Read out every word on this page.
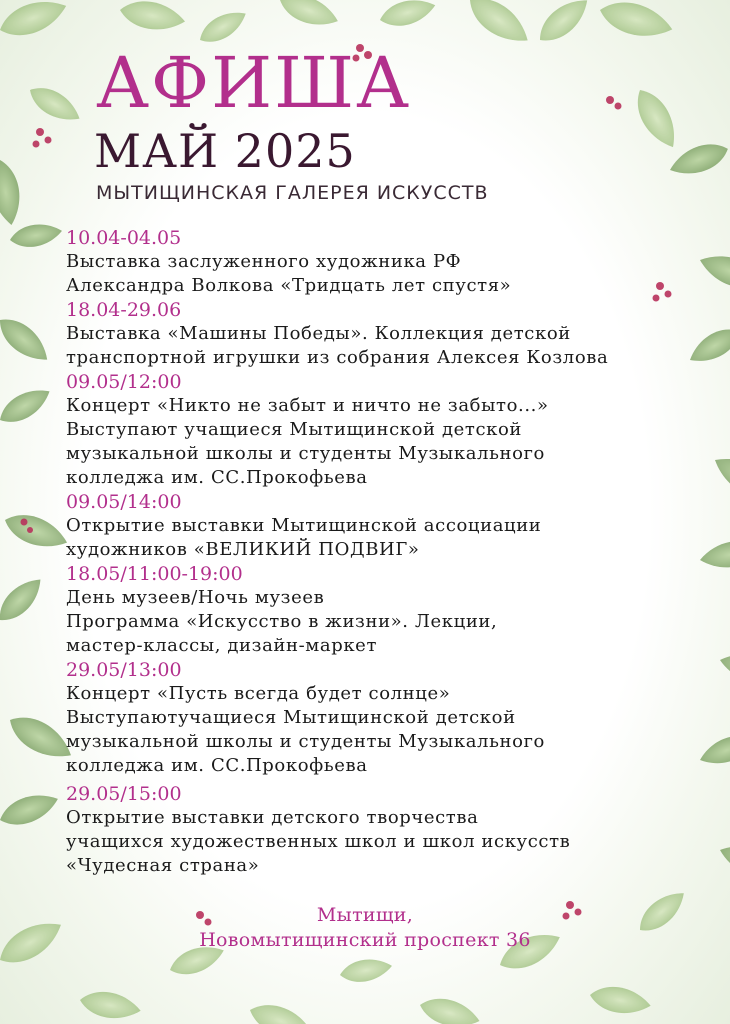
АФИША
МАЙ 2025
МЫТИЩИНСКАЯ ГАЛЕРЕЯ ИСКУССТВ
10.04-04.05
Выставка заслуженного художника РФ
Александра Волкова «Тридцать лет спустя»
18.04-29.06
Выставка «Машины Победы». Коллекция детской
транспортной игрушки из собрания Алексея Козлова
09.05/12:00
Концерт «Никто не забыт и ничто не забыто...»
Выступают учащиеся Мытищинской детской
музыкальной школы и студенты Музыкального
колледжа им. СС.Прокофьева
09.05/14:00
Открытие выставки Мытищинской ассоциации
художников «ВЕЛИКИЙ ПОДВИГ»
18.05/11:00-19:00
День музеев/Ночь музеев
Программа «Искусство в жизни». Лекции,
мастер-классы, дизайн-маркет
29.05/13:00
Концерт «Пусть всегда будет солнце»
Выступаютучащиеся Мытищинской детской
музыкальной школы и студенты Музыкального
колледжа им. СС.Прокофьева
29.05/15:00
Открытие выставки детского творчества
учащихся художественных школ и школ искусств
«Чудесная страна»
Мытищи,
Новомытищинский проспект 36
